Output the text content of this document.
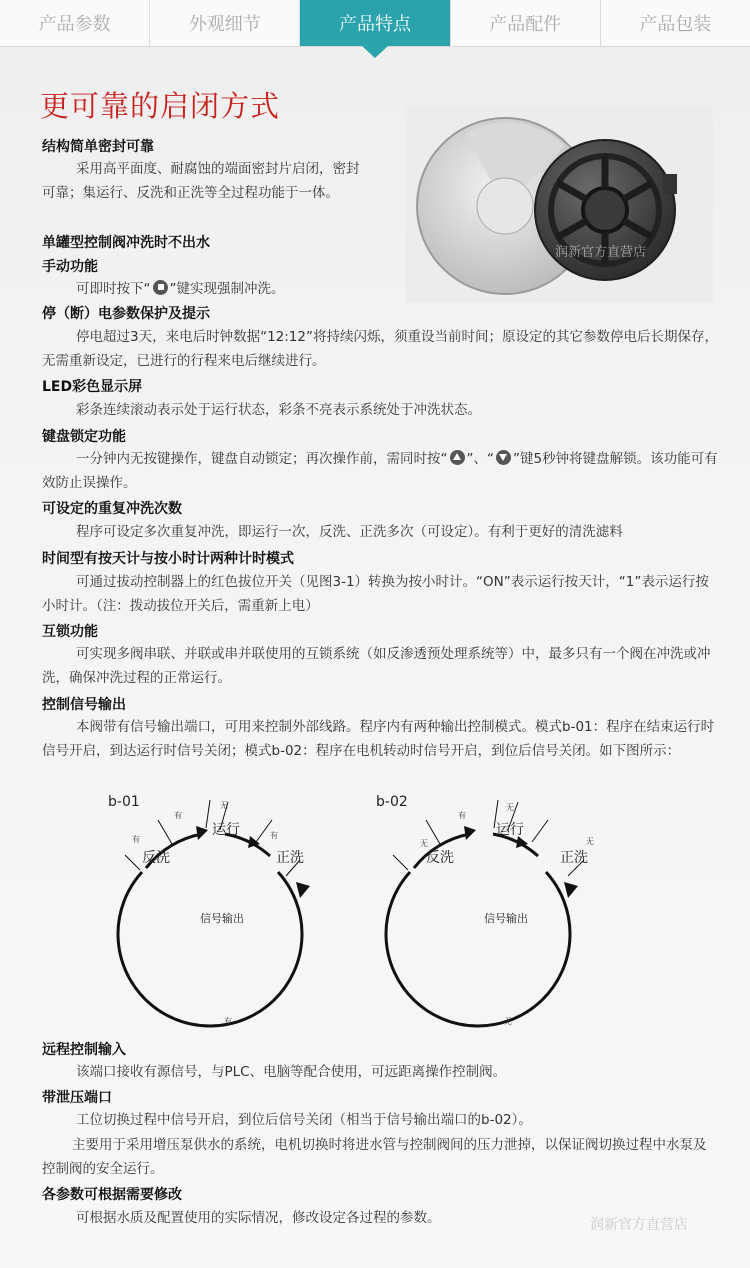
产品参数	外观细节	产品特点	产品配件	产品包装
更可靠的启闭方式
润新官方直营店
结构简单密封可靠
采用高平面度、耐腐蚀的端面密封片启闭，密封可靠；集运行、反洗和正洗等全过程功能于一体。
单罐型控制阀冲洗时不出水
手动功能
可即时按下“ ”键实现强制冲洗。
停（断）电参数保护及提示
停电超过3天，来电后时钟数据“12:12”将持续闪烁，须重设当前时间；原设定的其它参数停电后长期保存，无需重新设定，已进行的行程来电后继续进行。
LED彩色显示屏
彩条连续滚动表示处于运行状态，彩条不亮表示系统处于冲洗状态。
键盘锁定功能
一分钟内无按键操作，键盘自动锁定；再次操作前，需同时按“ ”、“ ”键5秒钟将键盘解锁。该功能可有效防止误操作。
可设定的重复冲洗次数
程序可设定多次重复冲洗，即运行一次，反洗、正洗多次（可设定）。有利于更好的清洗滤料
时间型有按天计与按小时计两种计时模式
可通过拔动控制器上的红色拔位开关（见图3-1）转换为按小时计。“ON”表示运行按天计，“1”表示运行按小时计。（注：拨动拔位开关后，需重新上电）
互锁功能
可实现多阀串联、并联或串并联使用的互锁系统（如反渗透预处理系统等）中，最多只有一个阀在冲洗或冲洗，确保冲洗过程的正常运行。
控制信号输出
本阀带有信号输出端口，可用来控制外部线路。程序内有两种输出控制模式。模式b-01：程序在结束运行时信号开启，到达运行时信号关闭；模式b-02：程序在电机转动时信号开启，到位后信号关闭。如下图所示：
b-01
信号输出
运行
反洗	正洗
有
有
无
有
有
b-02
信号输出
运行
反洗	正洗
无
有
无
无
无
远程控制输入
该端口接收有源信号，与PLC、电脑等配合使用，可远距离操作控制阀。
带泄压端口
工位切换过程中信号开启，到位后信号关闭（相当于信号输出端口的b-02）。
主要用于采用增压泵供水的系统，电机切换时将进水管与控制阀间的压力泄掉，以保证阀切换过程中水泵及控制阀的安全运行。
各参数可根据需要修改
可根据水质及配置使用的实际情况，修改设定各过程的参数。	润新官方直营店
